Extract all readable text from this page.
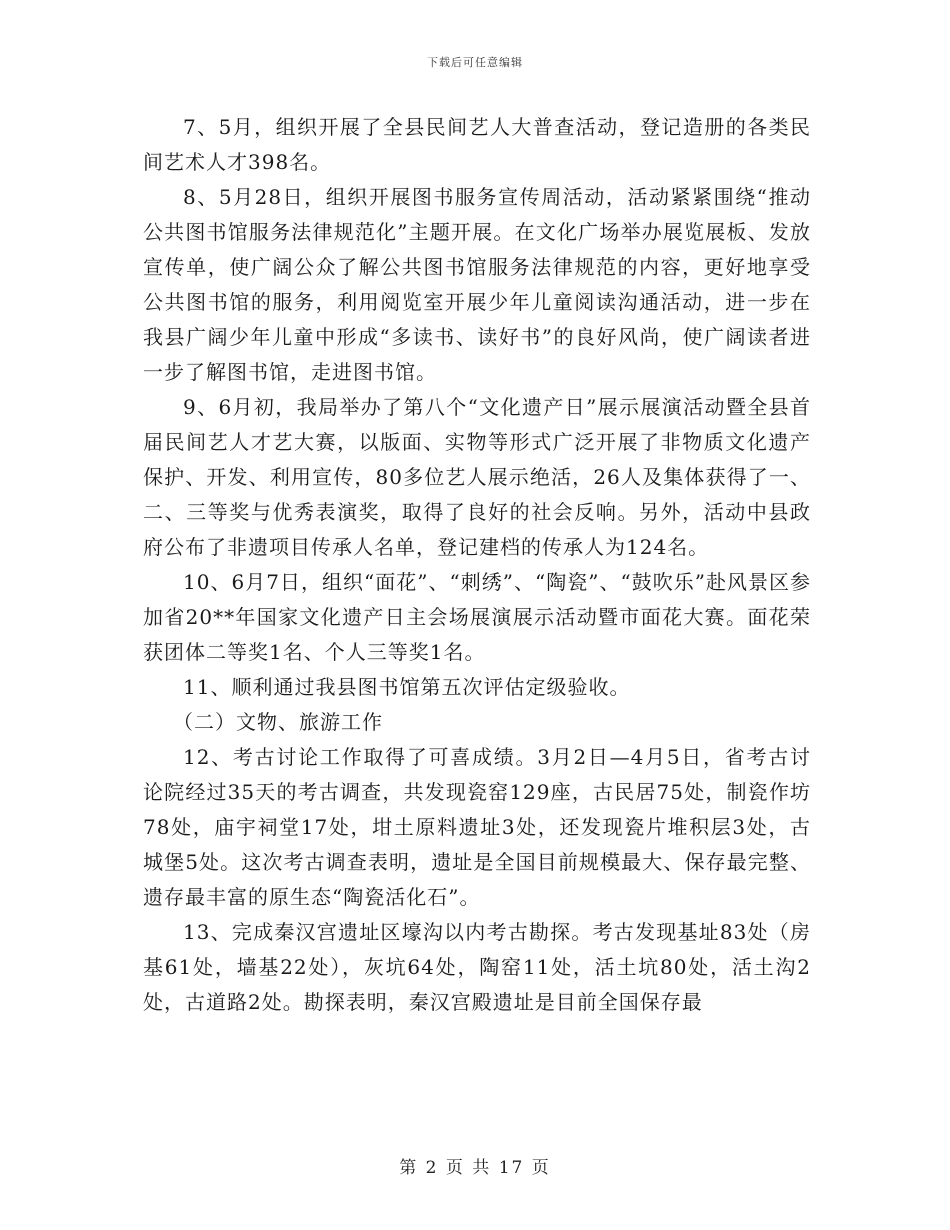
下载后可任意编辑

7、5月，组织开展了全县民间艺人大普查活动，登记造册的各类民间艺术人才398名。

8、5月28日，组织开展图书服务宣传周活动，活动紧紧围绕“推动公共图书馆服务法律规范化”主题开展。在文化广场举办展览展板、发放宣传单，使广阔公众了解公共图书馆服务法律规范的内容，更好地享受公共图书馆的服务，利用阅览室开展少年儿童阅读沟通活动，进一步在我县广阔少年儿童中形成“多读书、读好书”的良好风尚，使广阔读者进一步了解图书馆，走进图书馆。

9、6月初，我局举办了第八个“文化遗产日”展示展演活动暨全县首届民间艺人才艺大赛，以版面、实物等形式广泛开展了非物质文化遗产保护、开发、利用宣传，80多位艺人展示绝活，26人及集体获得了一、二、三等奖与优秀表演奖，取得了良好的社会反响。另外，活动中县政府公布了非遗项目传承人名单，登记建档的传承人为124名。

10、6月7日，组织“面花”、“刺绣”、“陶瓷”、“鼓吹乐”赴风景区参加省20**年国家文化遗产日主会场展演展示活动暨市面花大赛。面花荣获团体二等奖1名、个人三等奖1名。

11、顺利通过我县图书馆第五次评估定级验收。

（二）文物、旅游工作

12、考古讨论工作取得了可喜成绩。3月2日—4月5日，省考古讨论院经过35天的考古调查，共发现瓷窑129座，古民居75处，制瓷作坊78处，庙宇祠堂17处，坩土原料遗址3处，还发现瓷片堆积层3处，古城堡5处。这次考古调查表明，遗址是全国目前规模最大、保存最完整、遗存最丰富的原生态“陶瓷活化石”。

13、完成秦汉宫遗址区壕沟以内考古勘探。考古发现基址83处（房基61处，墙基22处），灰坑64处，陶窑11处，活土坑80处，活土沟2处，古道路2处。勘探表明，秦汉宫殿遗址是目前全国保存最

第 2 页 共 17 页
